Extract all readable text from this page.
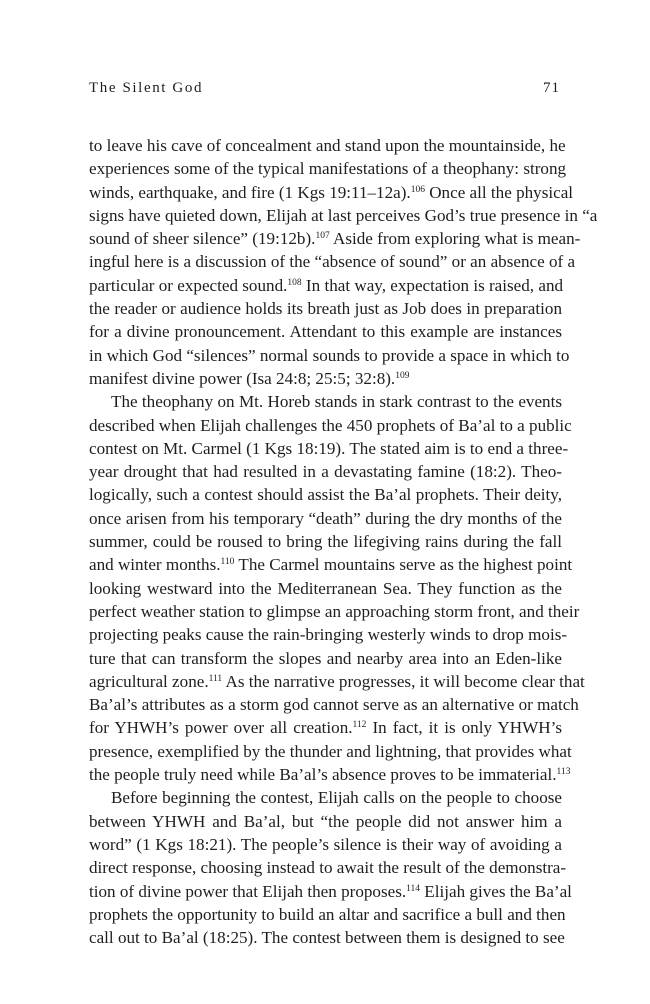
The Silent God	71
to leave his cave of concealment and stand upon the mountainside, he
experiences some of the typical manifestations of a theophany: strong
winds, earthquake, and fire (1 Kgs 19:11–12a).$^{106}$ Once all the physical
signs have quieted down, Elijah at last perceives God’s true presence in “a
sound of sheer silence” (19:12b).$^{107}$ Aside from exploring what is mean-
ingful here is a discussion of the “absence of sound” or an absence of a
particular or expected sound.$^{108}$ In that way, expectation is raised, and
the reader or audience holds its breath just as Job does in preparation
for a divine pronouncement. Attendant to this example are instances
in which God “silences” normal sounds to provide a space in which to
manifest divine power (Isa 24:8; 25:5; 32:8).$^{109}$
The theophany on Mt. Horeb stands in stark contrast to the events
described when Elijah challenges the 450 prophets of Ba’al to a public
contest on Mt. Carmel (1 Kgs 18:19). The stated aim is to end a three-
year drought that had resulted in a devastating famine (18:2). Theo-
logically, such a contest should assist the Ba’al prophets. Their deity,
once arisen from his temporary “death” during the dry months of the
summer, could be roused to bring the lifegiving rains during the fall
and winter months.$^{110}$ The Carmel mountains serve as the highest point
looking westward into the Mediterranean Sea. They function as the
perfect weather station to glimpse an approaching storm front, and their
projecting peaks cause the rain-bringing westerly winds to drop mois-
ture that can transform the slopes and nearby area into an Eden-like
agricultural zone.$^{111}$ As the narrative progresses, it will become clear that
Ba’al’s attributes as a storm god cannot serve as an alternative or match
for YHWH’s power over all creation.$^{112}$ In fact, it is only YHWH’s
presence, exemplified by the thunder and lightning, that provides what
the people truly need while Ba’al’s absence proves to be immaterial.$^{113}$
Before beginning the contest, Elijah calls on the people to choose
between YHWH and Ba’al, but “the people did not answer him a
word” (1 Kgs 18:21). The people’s silence is their way of avoiding a
direct response, choosing instead to await the result of the demonstra-
tion of divine power that Elijah then proposes.$^{114}$ Elijah gives the Ba’al
prophets the opportunity to build an altar and sacrifice a bull and then
call out to Ba’al (18:25). The contest between them is designed to see
